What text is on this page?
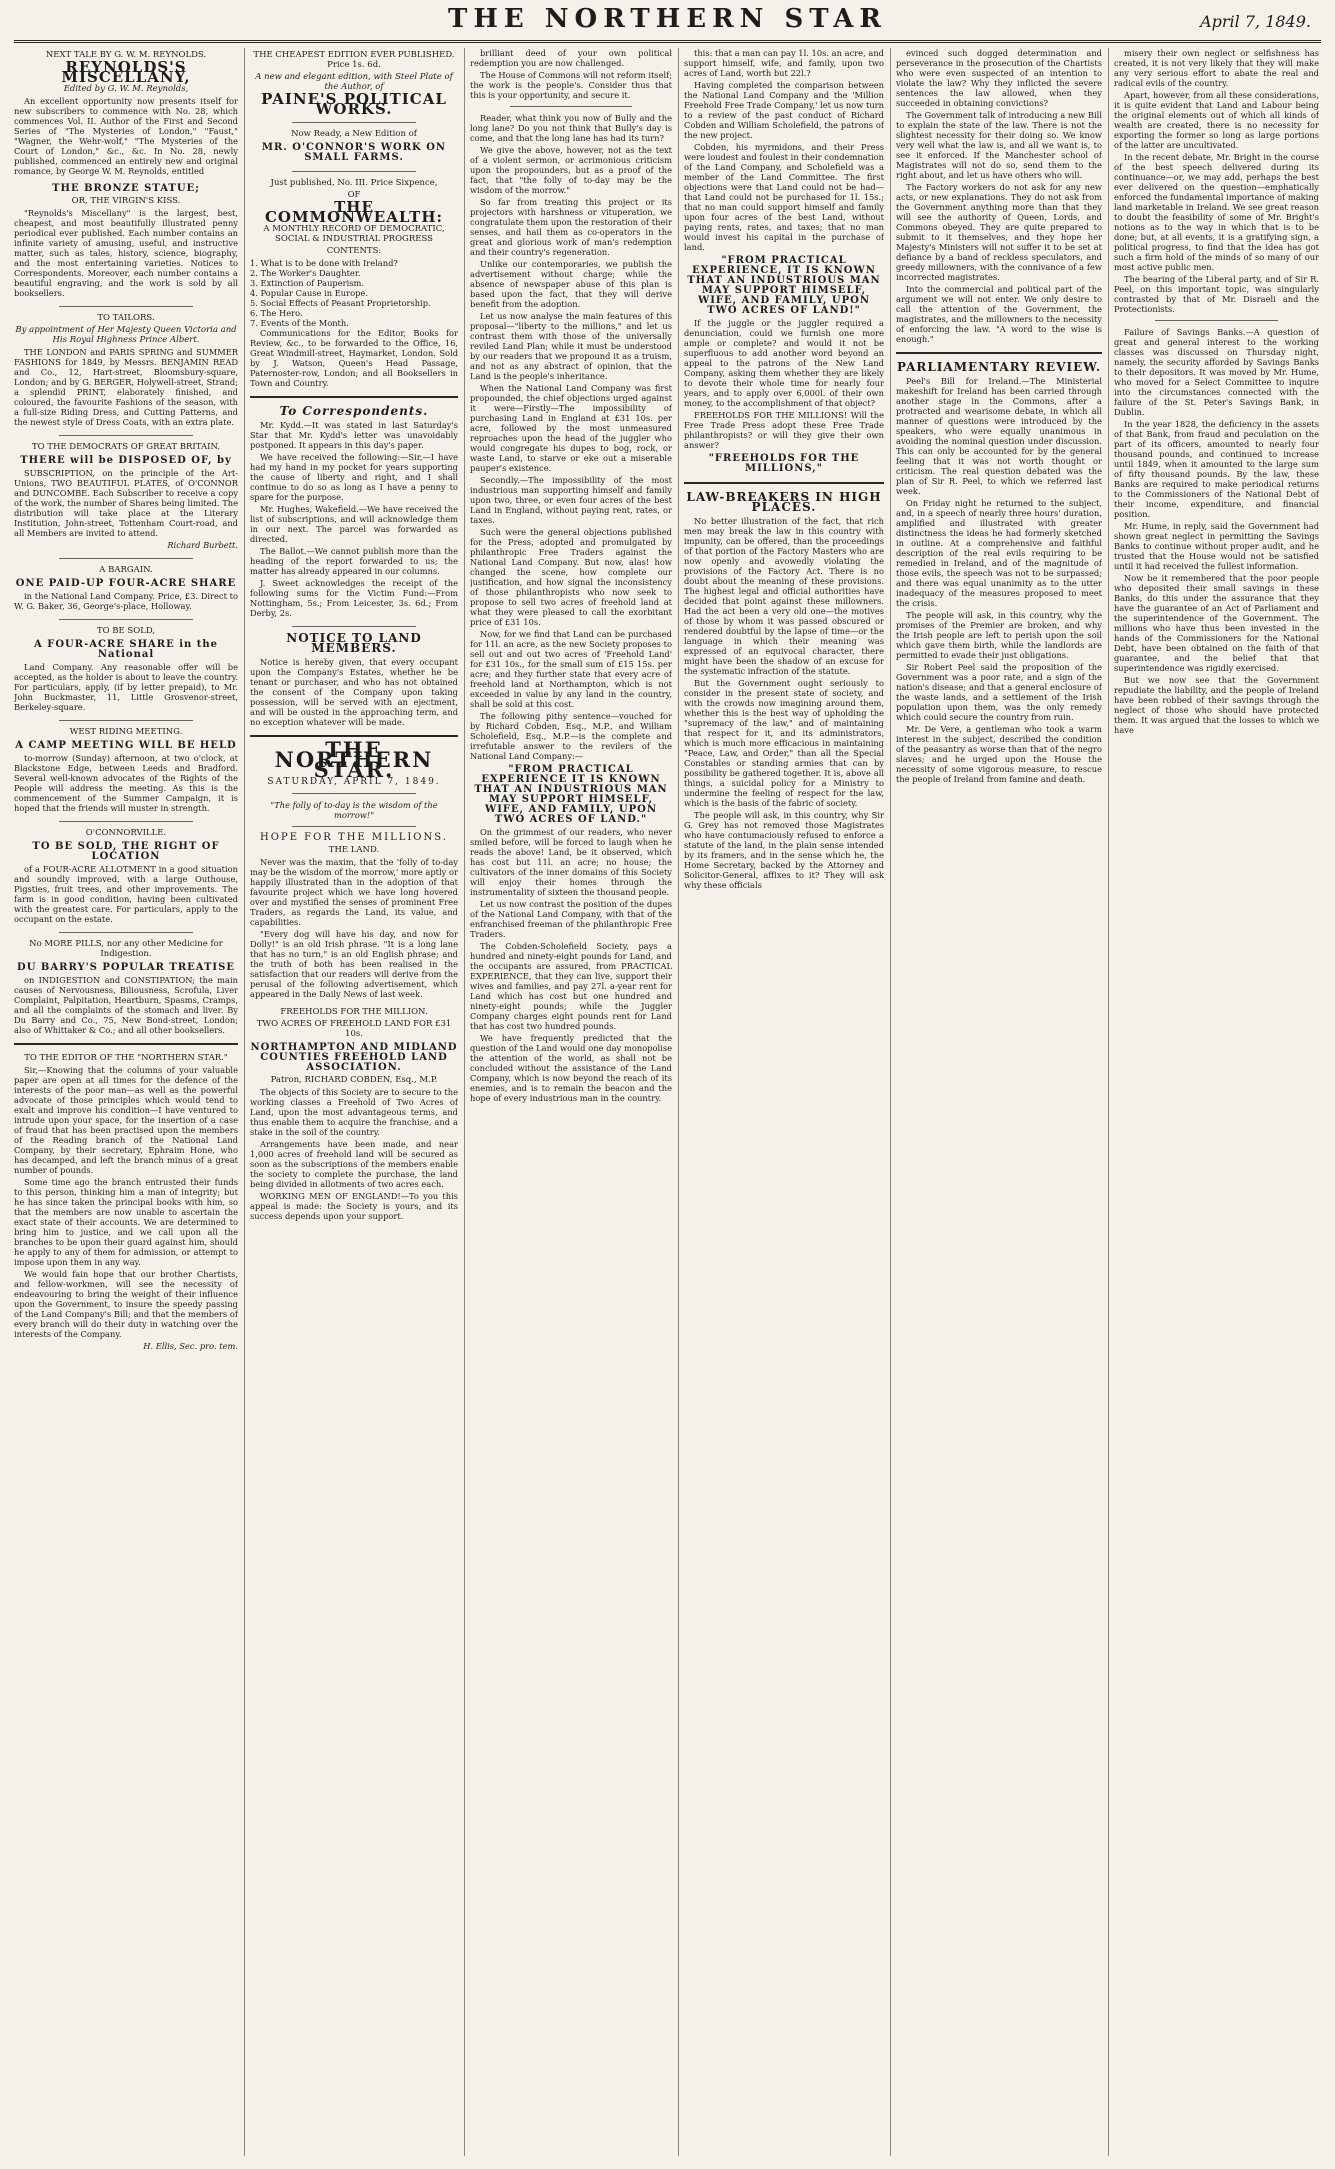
THE NORTHERN STAR	April 7, 1849.
NEXT TALE BY G. W. M. REYNOLDS.
REYNOLDS'S MISCELLANY,
Edited by G. W. M. Reynolds,
An excellent opportunity now presents itself for new subscribers to commence with No. 28, which commences Vol. II. Author of the First and Second Series of "The Mysteries of London," "Faust," "Wagner, the Wehr-wolf," "The Mysteries of the Court of London," &c., &c. In No. 28, newly published, commenced an entirely new and original romance, by George W. M. Reynolds, entitled
THE BRONZE STATUE;
OR, THE VIRGIN'S KISS.
"Reynolds's Miscellany" is the largest, best, cheapest, and most beautifully illustrated penny periodical ever published. Each number contains an infinite variety of amusing, useful, and instructive matter, such as tales, history, science, biography, and the most entertaining varieties. Notices to Correspondents. Moreover, each number contains a beautiful engraving, and the work is sold by all booksellers.
TO TAILORS.
By appointment of Her Majesty Queen Victoria and His Royal Highness Prince Albert.
THE LONDON and PARIS SPRING and SUMMER FASHIONS for 1849, by Messrs. BENJAMIN READ and Co., 12, Hart-street, Bloomsbury-square, London; and by G. BERGER, Holywell-street, Strand; a splendid PRINT, elaborately finished, and coloured, the favourite Fashions of the season, with a full-size Riding Dress, and Cutting Patterns, and the newest style of Dress Coats, with an extra plate.
TO THE DEMOCRATS OF GREAT BRITAIN.
THERE will be DISPOSED OF, by
SUBSCRIPTION, on the principle of the Art-Unions, TWO BEAUTIFUL PLATES, of O'CONNOR and DUNCOMBE. Each Subscriber to receive a copy of the work, the number of Shares being limited. The distribution will take place at the Literary Institution, John-street, Tottenham Court-road, and all Members are invited to attend.
Richard Burbett.
A BARGAIN.
ONE PAID-UP FOUR-ACRE SHARE
in the National Land Company. Price, £3. Direct to W. G. Baker, 36, George's-place, Holloway.
TO BE SOLD,
A FOUR-ACRE SHARE in the National
Land Company. Any reasonable offer will be accepted, as the holder is about to leave the country. For particulars, apply, (if by letter prepaid), to Mr. John Buckmaster, 11, Little Grosvenor-street, Berkeley-square.
WEST RIDING MEETING.
A CAMP MEETING WILL BE HELD
to-morrow (Sunday) afternoon, at two o'clock, at Blackstone Edge, between Leeds and Bradford. Several well-known advocates of the Rights of the People will address the meeting. As this is the commencement of the Summer Campaign, it is hoped that the friends will muster in strength.
O'CONNORVILLE.
TO BE SOLD, THE RIGHT OF LOCATION
of a FOUR-ACRE ALLOTMENT in a good situation and soundly improved, with a large Outhouse, Pigsties, fruit trees, and other improvements. The farm is in good condition, having been cultivated with the greatest care. For particulars, apply to the occupant on the estate.
No MORE PILLS, nor any other Medicine for Indigestion.
DU BARRY'S POPULAR TREATISE
on INDIGESTION and CONSTIPATION; the main causes of Nervousness, Biliousness, Scrofula, Liver Complaint, Palpitation, Heartburn, Spasms, Cramps, and all the complaints of the stomach and liver. By Du Barry and Co., 75, New Bond-street, London; also of Whittaker & Co.; and all other booksellers.
TO THE EDITOR OF THE "NORTHERN STAR."
Sir,—Knowing that the columns of your valuable paper are open at all times for the defence of the interests of the poor man—as well as the powerful advocate of those principles which would tend to exalt and improve his condition—I have ventured to intrude upon your space, for the insertion of a case of fraud that has been practised upon the members of the Reading branch of the National Land Company, by their secretary, Ephraim Hone, who has decamped, and left the branch minus of a great number of pounds.
Some time ago the branch entrusted their funds to this person, thinking him a man of integrity; but he has since taken the principal books with him, so that the members are now unable to ascertain the exact state of their accounts. We are determined to bring him to justice, and we call upon all the branches to be upon their guard against him, should he apply to any of them for admission, or attempt to impose upon them in any way.
We would fain hope that our brother Chartists, and fellow-workmen, will see the necessity of endeavouring to bring the weight of their influence upon the Government, to insure the speedy passing of the Land Company's Bill; and that the members of every branch will do their duty in watching over the interests of the Company.
H. Ellis, Sec. pro. tem.
THE CHEAPEST EDITION EVER PUBLISHED. Price 1s. 6d.
A new and elegant edition, with Steel Plate of the Author, of
PAINE'S POLITICAL WORKS.
Now Ready, a New Edition of
MR. O'CONNOR'S WORK ON SMALL FARMS.
Just published, No. III. Price Sixpence,
OF
THE COMMONWEALTH:
A MONTHLY RECORD OF DEMOCRATIC, SOCIAL & INDUSTRIAL PROGRESS
CONTENTS:
1. What is to be done with Ireland?
2. The Worker's Daughter.
3. Extinction of Pauperism.
4. Popular Cause in Europe.
5. Social Effects of Peasant Proprietorship.
6. The Hero.
7. Events of the Month.
Communications for the Editor, Books for Review, &c., to be forwarded to the Office, 16, Great Windmill-street, Haymarket, London. Sold by J. Watson, Queen's Head Passage, Paternoster-row, London; and all Booksellers in Town and Country.
To Correspondents.
Mr. Kydd.—It was stated in last Saturday's Star that Mr. Kydd's letter was unavoidably postponed. It appears in this day's paper.
We have received the following:—Sir,—I have had my hand in my pocket for years supporting the cause of liberty and right, and I shall continue to do so as long as I have a penny to spare for the purpose.
Mr. Hughes, Wakefield.—We have received the list of subscriptions, and will acknowledge them in our next. The parcel was forwarded as directed.
The Ballot.—We cannot publish more than the heading of the report forwarded to us; the matter has already appeared in our columns.
J. Sweet acknowledges the receipt of the following sums for the Victim Fund:—From Nottingham, 5s.; From Leicester, 3s. 6d.; From Derby, 2s.
NOTICE TO LAND MEMBERS.
Notice is hereby given, that every occupant upon the Company's Estates, whether he be tenant or purchaser, and who has not obtained the consent of the Company upon taking possession, will be served with an ejectment, and will be ousted in the approaching term, and no exception whatever will be made.
THE NORTHERN STAR.
SATURDAY, APRIL 7, 1849.
"The folly of to-day is the wisdom of the morrow!"
HOPE FOR THE MILLIONS.
THE LAND.
Never was the maxim, that the 'folly of to-day may be the wisdom of the morrow,' more aptly or happily illustrated than in the adoption of that favourite project which we have long hovered over and mystified the senses of prominent Free Traders, as regards the Land, its value, and capabilities.
"Every dog will have his day, and now for Dolly!" is an old Irish phrase. "It is a long lane that has no turn," is an old English phrase; and the truth of both has been realised in the satisfaction that our readers will derive from the perusal of the following advertisement, which appeared in the Daily News of last week.
FREEHOLDS FOR THE MILLION.
TWO ACRES OF FREEHOLD LAND FOR £31 10s.
NORTHAMPTON AND MIDLAND COUNTIES FREEHOLD LAND ASSOCIATION.
Patron, RICHARD COBDEN, Esq., M.P.
The objects of this Society are to secure to the working classes a Freehold of Two Acres of Land, upon the most advantageous terms, and thus enable them to acquire the franchise, and a stake in the soil of the country.
Arrangements have been made, and near 1,000 acres of freehold land will be secured as soon as the subscriptions of the members enable the society to complete the purchase, the land being divided in allotments of two acres each.
WORKING MEN OF ENGLAND!—To you this appeal is made: the Society is yours, and its success depends upon your support.
brilliant deed of your own political redemption you are now challenged.
The House of Commons will not reform itself; the work is the people's. Consider thus that this is your opportunity, and secure it.
Reader, what think you now of Bully and the long lane? Do you not think that Bully's day is come, and that the long lane has had its turn?
We give the above, however, not as the text of a violent sermon, or acrimonious criticism upon the propounders, but as a proof of the fact, that "the folly of to-day may be the wisdom of the morrow."
So far from treating this project or its projectors with harshness or vituperation, we congratulate them upon the restoration of their senses, and hail them as co-operators in the great and glorious work of man's redemption and their country's regeneration.
Unlike our contemporaries, we publish the advertisement without charge; while the absence of newspaper abuse of this plan is based upon the fact, that they will derive benefit from the adoption.
Let us now analyse the main features of this proposal—"liberty to the millions," and let us contrast them with those of the universally reviled Land Plan; while it must be understood by our readers that we propound it as a truism, and not as any abstract of opinion, that the Land is the people's inheritance.
When the National Land Company was first propounded, the chief objections urged against it were—Firstly—The impossibility of purchasing Land in England at £31 10s. per acre, followed by the most unmeasured reproaches upon the head of the juggler who would congregate his dupes to bog, rock, or waste Land, to starve or eke out a miserable pauper's existence.
Secondly.—The impossibility of the most industrious man supporting himself and family upon two, three, or even four acres of the best Land in England, without paying rent, rates, or taxes.
Such were the general objections published for the Press, adopted and promulgated by philanthropic Free Traders against the National Land Company. But now, alas! how changed the scene, how complete our justification, and how signal the inconsistency of those philanthropists who now seek to propose to sell two acres of freehold land at what they were pleased to call the exorbitant price of £31 10s.
Now, for we find that Land can be purchased for 11l. an acre, as the new Society proposes to sell out and out two acres of 'Freehold Land' for £31 10s., for the small sum of £15 15s. per acre; and they further state that every acre of freehold land at Northampton, which is not exceeded in value by any land in the country, shall be sold at this cost.
The following pithy sentence—vouched for by Richard Cobden, Esq., M.P., and William Scholefield, Esq., M.P.—is the complete and irrefutable answer to the revilers of the National Land Company:—
"FROM PRACTICAL EXPERIENCE IT IS KNOWN THAT AN INDUSTRIOUS MAN MAY SUPPORT HIMSELF, WIFE, AND FAMILY, UPON TWO ACRES OF LAND."
On the grimmest of our readers, who never smiled before, will be forced to laugh when he reads the above! Land, be it observed, which has cost but 11l. an acre; no house; the cultivators of the inner domains of this Society will enjoy their homes through the instrumentality of sixteen the thousand people.
Let us now contrast the position of the dupes of the National Land Company, with that of the enfranchised freeman of the philanthropic Free Traders.
The Cobden-Scholefield Society, pays a hundred and ninety-eight pounds for Land, and the occupants are assured, from PRACTICAL EXPERIENCE, that they can live, support their wives and families, and pay 27l. a-year rent for Land which has cost but one hundred and ninety-eight pounds; while the Juggler Company charges eight pounds rent for Land that has cost two hundred pounds.
We have frequently predicted that the question of the Land would one day monopolise the attention of the world, as shall not be concluded without the assistance of the Land Company, which is now beyond the reach of its enemies, and is to remain the beacon and the hope of every industrious man in the country.
this: that a man can pay 1l. 10s. an acre, and support himself, wife, and family, upon two acres of Land, worth but 22l.?
Having completed the comparison between the National Land Company and the 'Million Freehold Free Trade Company,' let us now turn to a review of the past conduct of Richard Cobden and William Scholefield, the patrons of the new project.
Cobden, his myrmidons, and their Press were loudest and foulest in their condemnation of the Land Company, and Scholefield was a member of the Land Committee. The first objections were that Land could not be had—that Land could not be purchased for 1l. 15s.; that no man could support himself and family upon four acres of the best Land, without paying rents, rates, and taxes; that no man would invest his capital in the purchase of land.
"FROM PRACTICAL EXPERIENCE, IT IS KNOWN THAT AN INDUSTRIOUS MAN MAY SUPPORT HIMSELF, WIFE, AND FAMILY, UPON TWO ACRES OF LAND!"
If the juggle or the juggler required a denunciation, could we furnish one more ample or complete? and would it not be superfluous to add another word beyond an appeal to the patrons of the New Land Company, asking them whether they are likely to devote their whole time for nearly four years, and to apply over 6,000l. of their own money, to the accomplishment of that object?
FREEHOLDS FOR THE MILLIONS! Will the Free Trade Press adopt these Free Trade philanthropists? or will they give their own answer?
"FREEHOLDS FOR THE MILLIONS,"
LAW-BREAKERS IN HIGH PLACES.
No better illustration of the fact, that rich men may break the law in this country with impunity, can be offered, than the proceedings of that portion of the Factory Masters who are now openly and avowedly violating the provisions of the Factory Act. There is no doubt about the meaning of these provisions. The highest legal and official authorities have decided that point against these millowners. Had the act been a very old one—the motives of those by whom it was passed obscured or rendered doubtful by the lapse of time—or the language in which their meaning was expressed of an equivocal character, there might have been the shadow of an excuse for the systematic infraction of the statute.
But the Government ought seriously to consider in the present state of society, and with the crowds now imagining around them, whether this is the best way of upholding the "supremacy of the law," and of maintaining that respect for it, and its administrators, which is much more efficacious in maintaining "Peace, Law, and Order," than all the Special Constables or standing armies that can by possibility be gathered together. It is, above all things, a suicidal policy for a Ministry to undermine the feeling of respect for the law, which is the basis of the fabric of society.
The people will ask, in this country, why Sir G. Grey has not removed those Magistrates who have contumaciously refused to enforce a statute of the land, in the plain sense intended by its framers, and in the sense which he, the Home Secretary, backed by the Attorney and Solicitor-General, affixes to it? They will ask why these officials
evinced such dogged determination and perseverance in the prosecution of the Chartists who were even suspected of an intention to violate the law? Why they inflicted the severe sentences the law allowed, when they succeeded in obtaining convictions?
The Government talk of introducing a new Bill to explain the state of the law. There is not the slightest necessity for their doing so. We know very well what the law is, and all we want is, to see it enforced. If the Manchester school of Magistrates will not do so, send them to the right about, and let us have others who will.
The Factory workers do not ask for any new acts, or new explanations. They do not ask from the Government anything more than that they will see the authority of Queen, Lords, and Commons obeyed. They are quite prepared to submit to it themselves, and they hope her Majesty's Ministers will not suffer it to be set at defiance by a band of reckless speculators, and greedy millowners, with the connivance of a few incorrected magistrates.
Into the commercial and political part of the argument we will not enter. We only desire to call the attention of the Government, the magistrates, and the millowners to the necessity of enforcing the law. "A word to the wise is enough."
PARLIAMENTARY REVIEW.
Peel's Bill for Ireland.—The Ministerial makeshift for Ireland has been carried through another stage in the Commons, after a protracted and wearisome debate, in which all manner of questions were introduced by the speakers, who were equally unanimous in avoiding the nominal question under discussion. This can only be accounted for by the general feeling that it was not worth thought or criticism. The real question debated was the plan of Sir R. Peel, to which we referred last week.
On Friday night he returned to the subject, and, in a speech of nearly three hours' duration, amplified and illustrated with greater distinctness the ideas he had formerly sketched in outline. At a comprehensive and faithful description of the real evils requiring to be remedied in Ireland, and of the magnitude of those evils, the speech was not to be surpassed; and there was equal unanimity as to the utter inadequacy of the measures proposed to meet the crisis.
The people will ask, in this country, why the promises of the Premier are broken, and why the Irish people are left to perish upon the soil which gave them birth, while the landlords are permitted to evade their just obligations.
Sir Robert Peel said the proposition of the Government was a poor rate, and a sign of the nation's disease; and that a general enclosure of the waste lands, and a settlement of the Irish population upon them, was the only remedy which could secure the country from ruin.
Mr. De Vere, a gentleman who took a warm interest in the subject, described the condition of the peasantry as worse than that of the negro slaves; and he urged upon the House the necessity of some vigorous measure, to rescue the people of Ireland from famine and death.
misery their own neglect or selfishness has created, it is not very likely that they will make any very serious effort to abate the real and radical evils of the country.
Apart, however, from all these considerations, it is quite evident that Land and Labour being the original elements out of which all kinds of wealth are created, there is no necessity for exporting the former so long as large portions of the latter are uncultivated.
In the recent debate, Mr. Bright in the course of the best speech delivered during its continuance—or, we may add, perhaps the best ever delivered on the question—emphatically enforced the fundamental importance of making land marketable in Ireland. We see great reason to doubt the feasibility of some of Mr. Bright's notions as to the way in which that is to be done; but, at all events, it is a gratifying sign, a political progress, to find that the idea has got such a firm hold of the minds of so many of our most active public men.
The bearing of the Liberal party, and of Sir R. Peel, on this important topic, was singularly contrasted by that of Mr. Disraeli and the Protectionists.
Failure of Savings Banks.—A question of great and general interest to the working classes was discussed on Thursday night, namely, the security afforded by Savings Banks to their depositors. It was moved by Mr. Hume, who moved for a Select Committee to inquire into the circumstances connected with the failure of the St. Peter's Savings Bank, in Dublin.
In the year 1828, the deficiency in the assets of that Bank, from fraud and peculation on the part of its officers, amounted to nearly four thousand pounds, and continued to increase until 1849, when it amounted to the large sum of fifty thousand pounds. By the law, these Banks are required to make periodical returns to the Commissioners of the National Debt of their income, expenditure, and financial position.
Mr. Hume, in reply, said the Government had shown great neglect in permitting the Savings Banks to continue without proper audit, and he trusted that the House would not be satisfied until it had received the fullest information.
Now be it remembered that the poor people who deposited their small savings in these Banks, do this under the assurance that they have the guarantee of an Act of Parliament and the superintendence of the Government. The millions who have thus been invested in the hands of the Commissioners for the National Debt, have been obtained on the faith of that guarantee, and the belief that that superintendence was rigidly exercised.
But we now see that the Government repudiate the liability, and the people of Ireland have been robbed of their savings through the neglect of those who should have protected them. It was argued that the losses to which we have
